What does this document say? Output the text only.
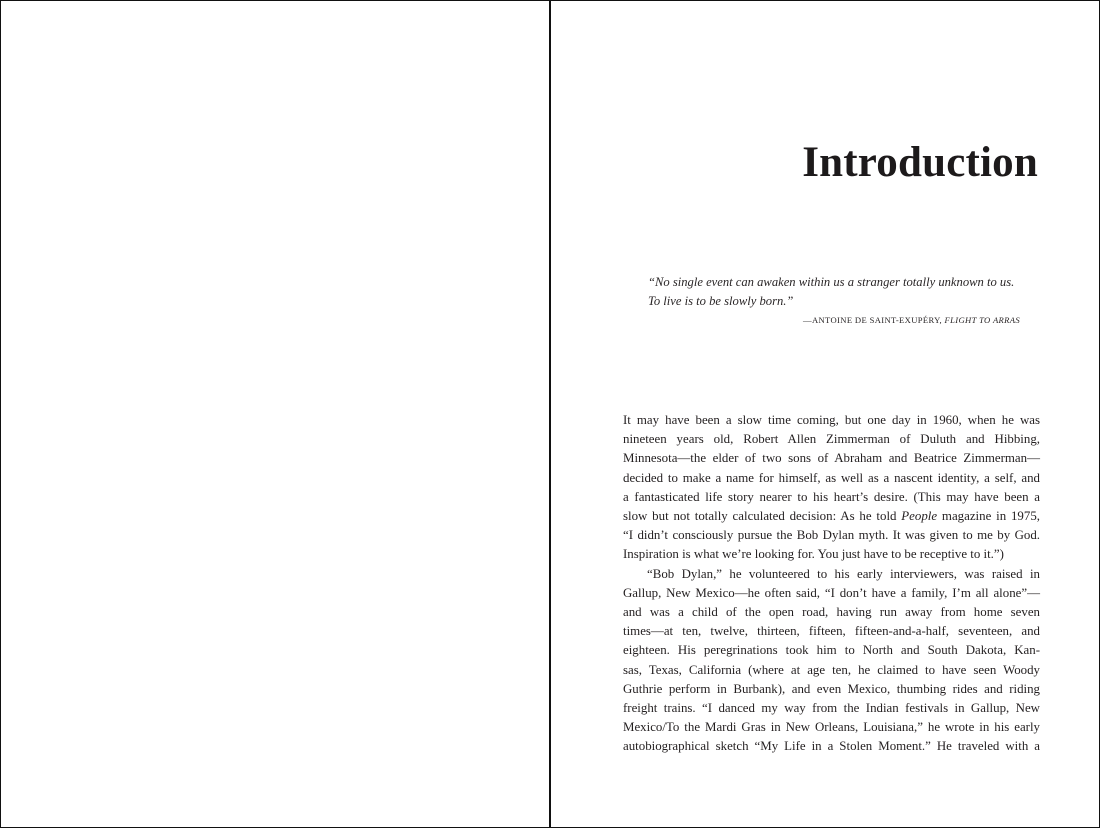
Introduction

“No single event can awaken within us a stranger totally unknown to us. To live is to be slowly born.”

—ANTOINE DE SAINT-EXUPÉRY, FLIGHT TO ARRAS

It may have been a slow time coming, but one day in 1960, when he was
nineteen years old, Robert Allen Zimmerman of Duluth and Hibbing,
Minnesota—the elder of two sons of Abraham and Beatrice Zimmerman—
decided to make a name for himself, as well as a nascent identity, a self, and
a fantasticated life story nearer to his heart’s desire. (This may have been a
slow but not totally calculated decision: As he told People magazine in 1975,
“I didn’t consciously pursue the Bob Dylan myth. It was given to me by God.
Inspiration is what we’re looking for. You just have to be receptive to it.”)

“Bob Dylan,” he volunteered to his early interviewers, was raised in
Gallup, New Mexico—he often said, “I don’t have a family, I’m all alone”—
and was a child of the open road, having run away from home seven
times—at ten, twelve, thirteen, fifteen, fifteen-and-a-half, seventeen, and
eighteen. His peregrinations took him to North and South Dakota, Kan-
sas, Texas, California (where at age ten, he claimed to have seen Woody
Guthrie perform in Burbank), and even Mexico, thumbing rides and riding
freight trains. “I danced my way from the Indian festivals in Gallup, New
Mexico/To the Mardi Gras in New Orleans, Louisiana,” he wrote in his early
autobiographical sketch “My Life in a Stolen Moment.” He traveled with a
